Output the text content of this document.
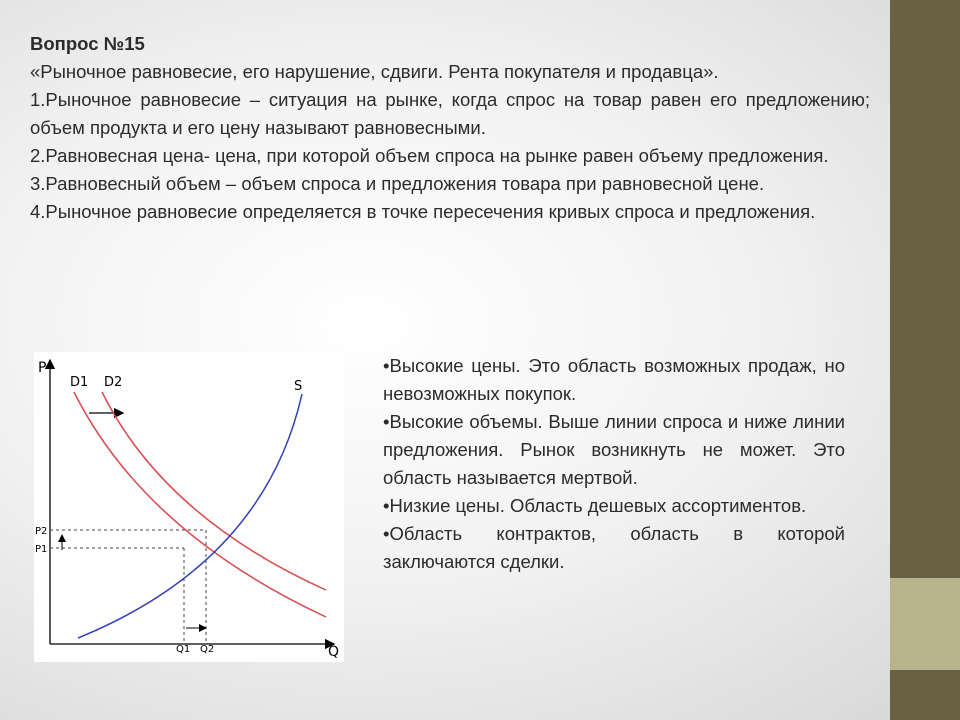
Вопрос №15

«Рыночное равновесие, его нарушение, сдвиги. Рента покупателя и продавца».

1.Рыночное равновесие – ситуация на рынке, когда спрос на товар равен его предложению; объем продукта и его цену называют равновесными.

2.Равновесная цена- цена, при которой объем спроса на рынке равен объему предложения.

3.Равновесный объем – объем спроса и предложения товара при равновесной цене.

4.Рыночное равновесие определяется в точке пересечения кривых спроса и предложения.

P
Q
D1 D2	S
P2
P1
Q1 Q2

•Высокие цены. Это область возможных продаж, но невозможных покупок.

•Высокие объемы. Выше линии спроса и ниже линии предложения. Рынок возникнуть не может. Это область называется мертвой.

•Низкие цены. Область дешевых ассортиментов.

•Область контрактов, область в которой заключаются сделки.
